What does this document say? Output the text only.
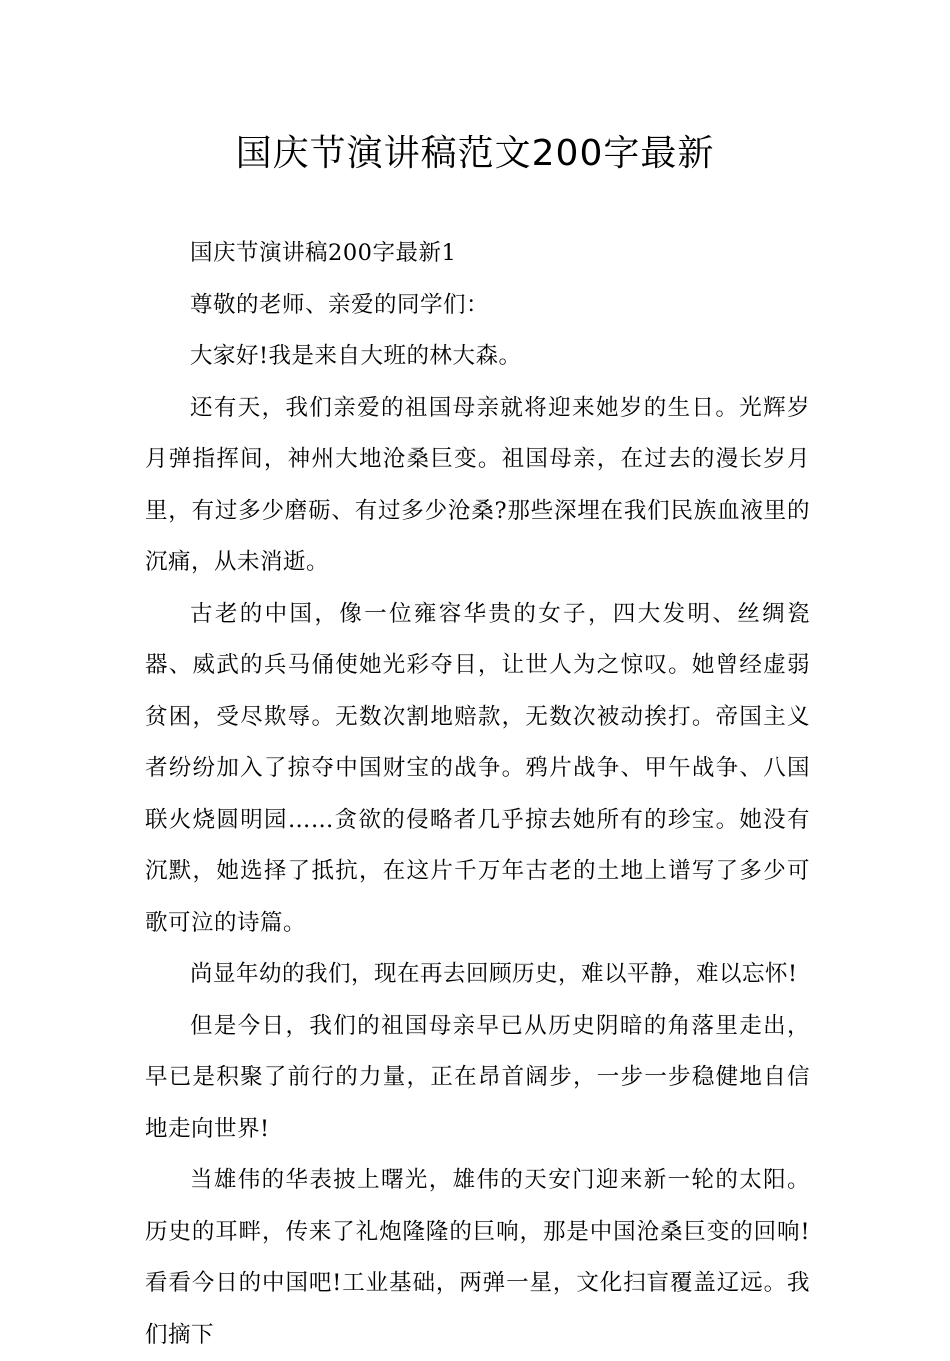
国庆节演讲稿范文200字最新

国庆节演讲稿200字最新1

尊敬的老师、亲爱的同学们：

大家好!我是来自大班的林大森。

还有天，我们亲爱的祖国母亲就将迎来她岁的生日。光辉岁月弹指挥间，神州大地沧桑巨变。祖国母亲，在过去的漫长岁月里，有过多少磨砺、有过多少沧桑?那些深埋在我们民族血液里的沉痛，从未消逝。

古老的中国，像一位雍容华贵的女子，四大发明、丝绸瓷器、威武的兵马俑使她光彩夺目，让世人为之惊叹。她曾经虚弱贫困，受尽欺辱。无数次割地赔款，无数次被动挨打。帝国主义者纷纷加入了掠夺中国财宝的战争。鸦片战争、甲午战争、八国联火烧圆明园……贪欲的侵略者几乎掠去她所有的珍宝。她没有沉默，她选择了抵抗，在这片千万年古老的土地上谱写了多少可歌可泣的诗篇。

尚显年幼的我们，现在再去回顾历史，难以平静，难以忘怀!

但是今日，我们的祖国母亲早已从历史阴暗的角落里走出，早已是积聚了前行的力量，正在昂首阔步，一步一步稳健地自信地走向世界!

当雄伟的华表披上曙光，雄伟的天安门迎来新一轮的太阳。历史的耳畔，传来了礼炮隆隆的巨响，那是中国沧桑巨变的回响!看看今日的中国吧!工业基础，两弹一星，文化扫盲覆盖辽远。我们摘下
